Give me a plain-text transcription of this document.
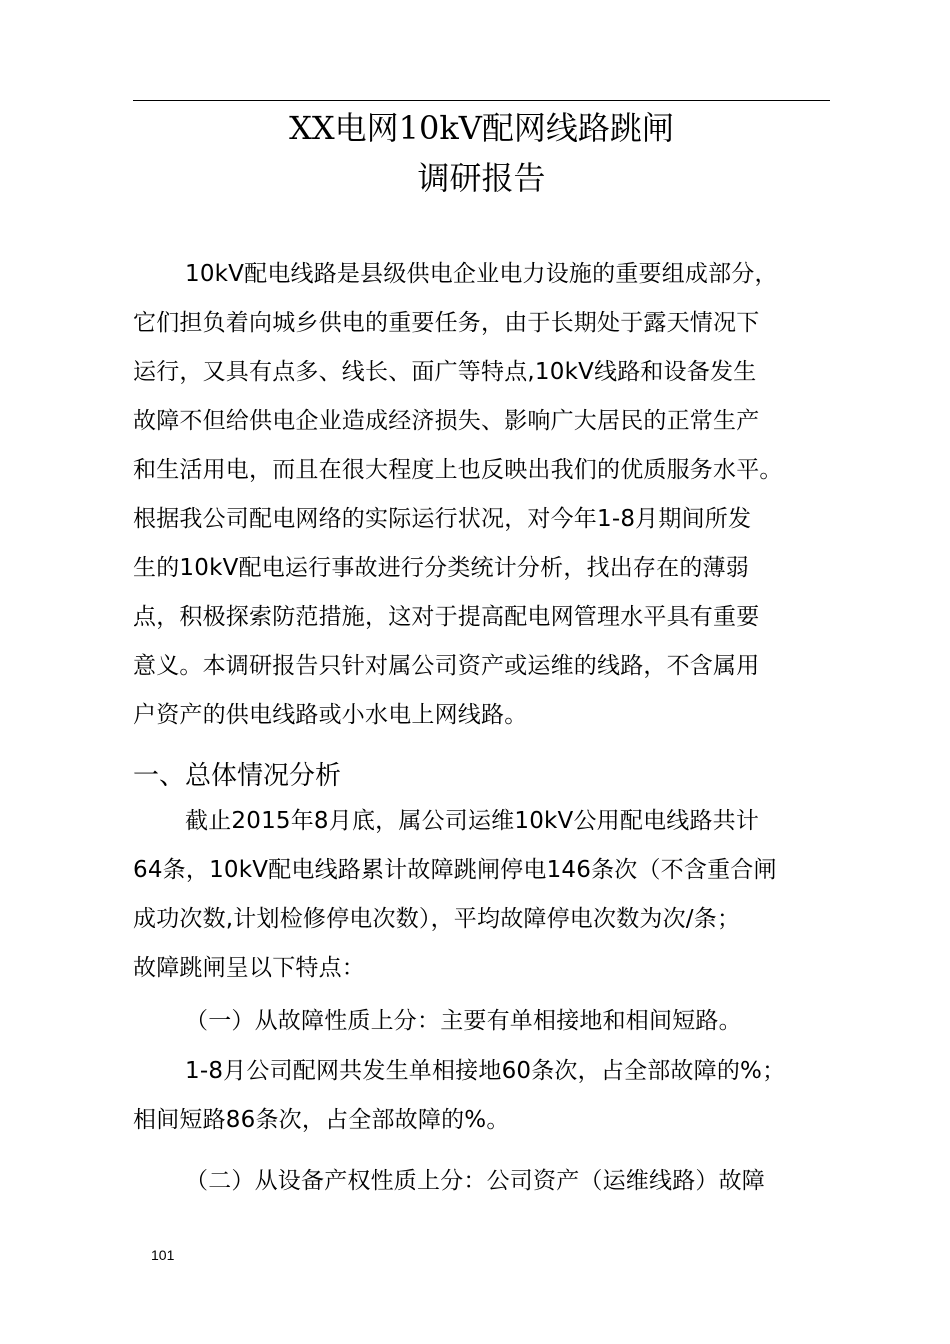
XX电网10kV配网线路跳闸
调研报告
10kV配电线路是县级供电企业电力设施的重要组成部分，
它们担负着向城乡供电的重要任务，由于长期处于露天情况下
运行，又具有点多、线长、面广等特点,10kV线路和设备发生
故障不但给供电企业造成经济损失、影响广大居民的正常生产
和生活用电，而且在很大程度上也反映出我们的优质服务水平。
根据我公司配电网络的实际运行状况，对今年1-8月期间所发
生的10kV配电运行事故进行分类统计分析，找出存在的薄弱
点，积极探索防范措施，这对于提高配电网管理水平具有重要
意义。本调研报告只针对属公司资产或运维的线路，不含属用
户资产的供电线路或小水电上网线路。
一、总体情况分析
截止2015年8月底，属公司运维10kV公用配电线路共计
64条，10kV配电线路累计故障跳闸停电146条次（不含重合闸
成功次数,计划检修停电次数），平均故障停电次数为次/条；
故障跳闸呈以下特点：
（一）从故障性质上分：主要有单相接地和相间短路。
1-8月公司配网共发生单相接地60条次，占全部故障的%；
相间短路86条次，占全部故障的%。
（二）从设备产权性质上分：公司资产（运维线路）故障
101
